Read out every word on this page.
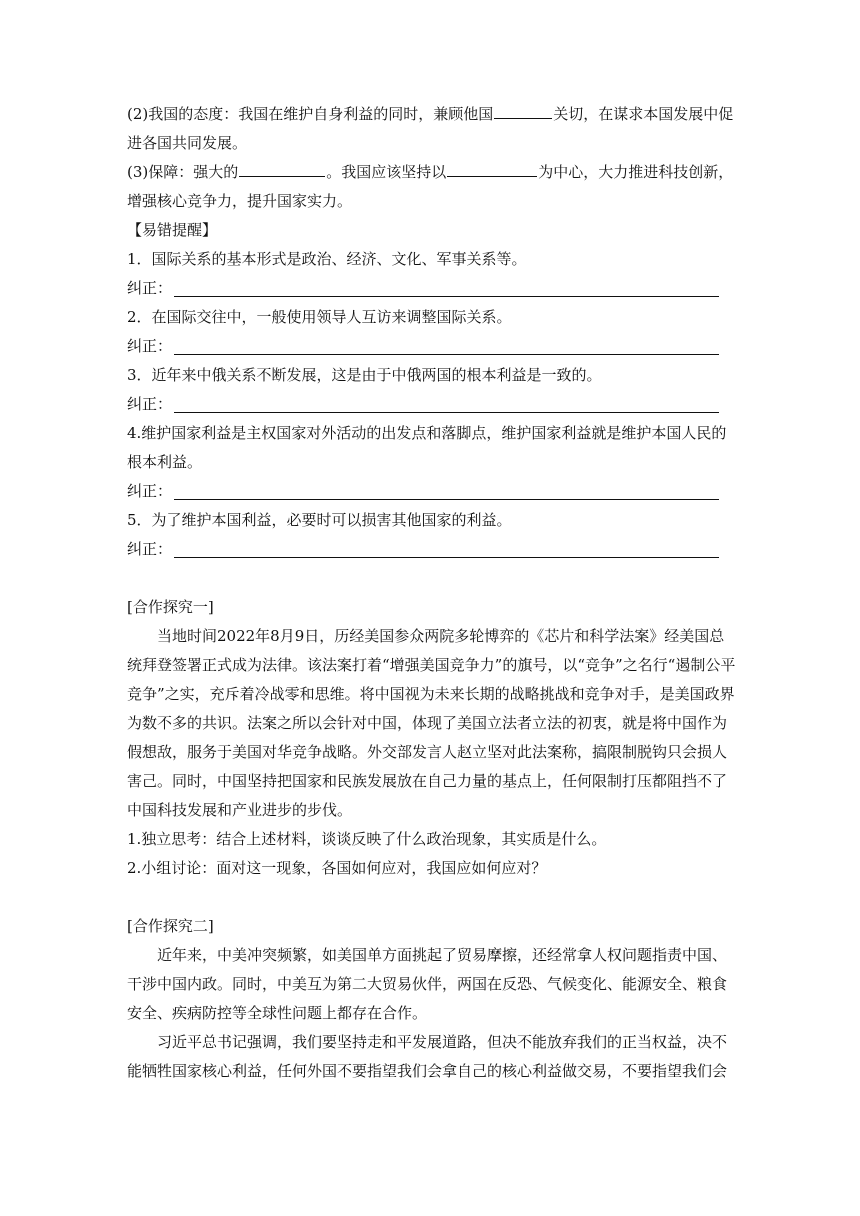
(2)我国的态度：我国在维护自身利益的同时，兼顾他国	关切，在谋求本国发展中促进各国共同发展。

(3)保障：强大的	。我国应该坚持以	为中心，大力推进科技创新，增强核心竞争力，提升国家实力。

【易错提醒】

1．国际关系的基本形式是政治、经济、文化、军事关系等。

纠正：

2．在国际交往中，一般使用领导人互访来调整国际关系。

纠正：

3．近年来中俄关系不断发展，这是由于中俄两国的根本利益是一致的。

纠正：

4.维护国家利益是主权国家对外活动的出发点和落脚点，维护国家利益就是维护本国人民的根本利益。

纠正：

5．为了维护本国利益，必要时可以损害其他国家的利益。

纠正：

[合作探究一]

当地时间2022年8月9日，历经美国参众两院多轮博弈的《芯片和科学法案》经美国总统拜登签署正式成为法律。该法案打着“增强美国竞争力”的旗号，以“竞争”之名行“遏制公平竞争”之实，充斥着冷战零和思维。将中国视为未来长期的战略挑战和竞争对手，是美国政界为数不多的共识。法案之所以会针对中国，体现了美国立法者立法的初衷，就是将中国作为假想敌，服务于美国对华竞争战略。外交部发言人赵立坚对此法案称，搞限制脱钩只会损人害己。同时，中国坚持把国家和民族发展放在自己力量的基点上，任何限制打压都阻挡不了中国科技发展和产业进步的步伐。

1.独立思考：结合上述材料，谈谈反映了什么政治现象，其实质是什么。

2.小组讨论：面对这一现象，各国如何应对，我国应如何应对？

[合作探究二]

近年来，中美冲突频繁，如美国单方面挑起了贸易摩擦，还经常拿人权问题指责中国、干涉中国内政。同时，中美互为第二大贸易伙伴，两国在反恐、气候变化、能源安全、粮食安全、疾病防控等全球性问题上都存在合作。

习近平总书记强调，我们要坚持走和平发展道路，但决不能放弃我们的正当权益，决不能牺牲国家核心利益，任何外国不要指望我们会拿自己的核心利益做交易，不要指望我们会
